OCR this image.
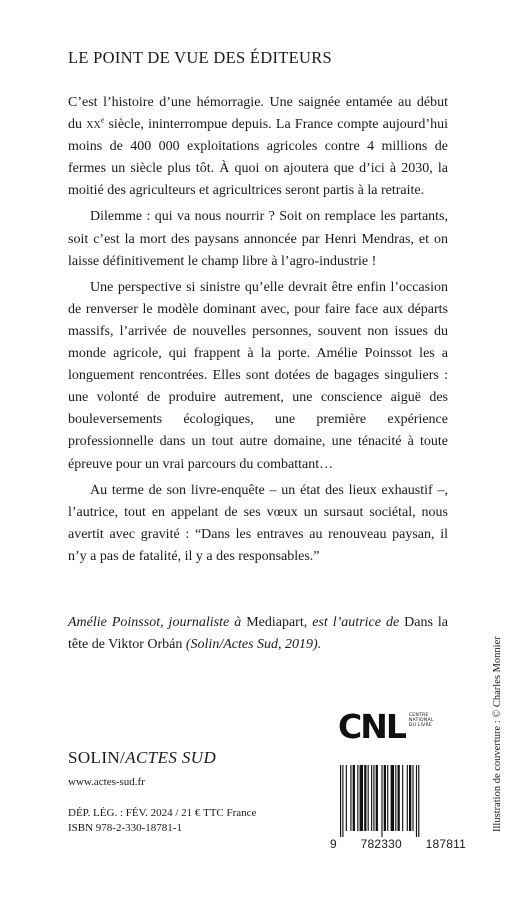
LE POINT DE VUE DES ÉDITEURS

C’est l’histoire d’une hémorragie. Une saignée entamée au début du $xx^e$ siècle, ininterrompue depuis. La France compte aujourd’hui moins de 400 000 exploitations agricoles contre 4 millions de fermes un siècle plus tôt. À quoi on ajoutera que d’ici à 2030, la moitié des agriculteurs et agricultrices seront partis à la retraite.

Dilemme : qui va nous nourrir ? Soit on remplace les partants, soit c’est la mort des paysans annoncée par Henri Mendras, et on laisse définitivement le champ libre à l’agro-industrie !

Une perspective si sinistre qu’elle devrait être enfin l’occasion de renverser le modèle dominant avec, pour faire face aux départs massifs, l’arrivée de nouvelles personnes, souvent non issues du monde agricole, qui frappent à la porte. Amélie Poinssot les a longuement rencontrées. Elles sont dotées de bagages singuliers : une volonté de produire autrement, une conscience aiguë des bouleversements écologiques, une première expérience professionnelle dans un tout autre domaine, une ténacité à toute épreuve pour un vrai parcours du combattant…

Au terme de son livre-enquête – un état des lieux exhaustif –, l’autrice, tout en appelant de ses vœux un sursaut sociétal, nous avertit avec gravité : “Dans les entraves au renouveau paysan, il n’y a pas de fatalité, il y a des responsables.”

Amélie Poinssot, journaliste à Mediapart, est l’autrice de Dans la tête de Viktor Orbán (Solin/Actes Sud, 2019).
CNL CENTRE
NATIONAL
DU LIVRE
SOLIN/ACTES SUD
www.actes-sud.fr
DÉP. LÉG. : FÉV. 2024 / 21 € TTC France
ISBN 978-2-330-18781-1
9 782330 187811
Illustration de couverture : © Charles Monnier
